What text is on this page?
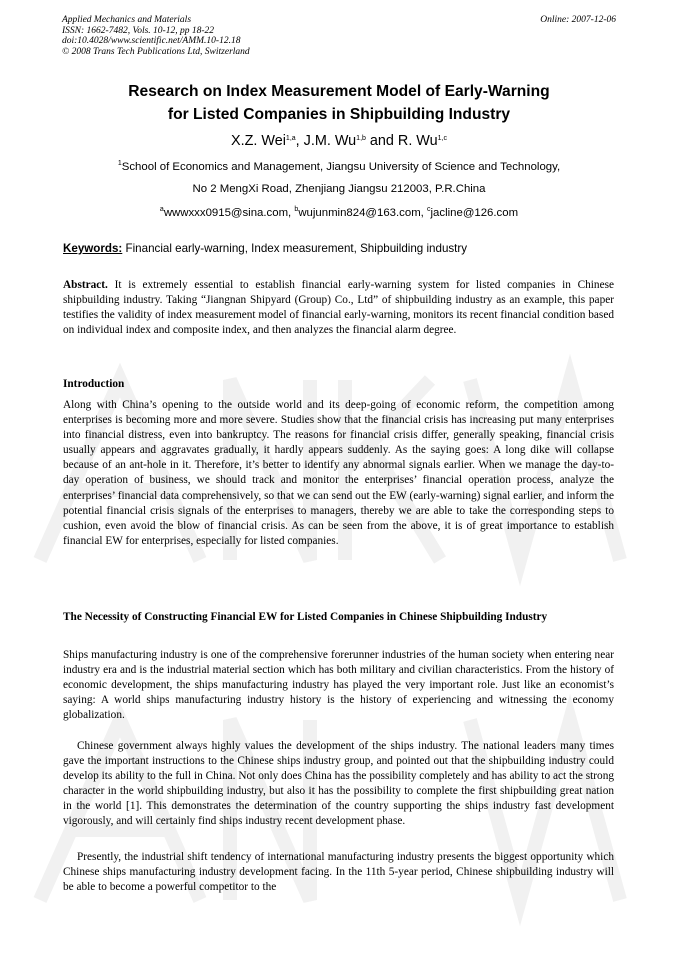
Applied Mechanics and Materials
ISSN: 1662-7482, Vols. 10-12, pp 18-22
doi:10.4028/www.scientific.net/AMM.10-12.18
© 2008 Trans Tech Publications Ltd, Switzerland
Online: 2007-12-06
Research on Index Measurement Model of Early-Warning
for Listed Companies in Shipbuilding Industry
X.Z. Wei$^{1,a}$, J.M. Wu$^{1,b}$ and R. Wu$^{1,c}$
$^1$School of Economics and Management, Jiangsu University of Science and Technology,
No 2 MengXi Road, Zhenjiang Jiangsu 212003, P.R.China
$^a$wwwxxx0915@sina.com, $^b$wujunmin824@163.com, $^c$jacline@126.com
Keywords: Financial early-warning, Index measurement, Shipbuilding industry
Abstract. It is extremely essential to establish financial early-warning system for listed companies in Chinese shipbuilding industry. Taking “Jiangnan Shipyard (Group) Co., Ltd” of shipbuilding industry as an example, this paper testifies the validity of index measurement model of financial early-warning, monitors its recent financial condition based on individual index and composite index, and then analyzes the financial alarm degree.
Introduction
Along with China’s opening to the outside world and its deep-going of economic reform, the competition among enterprises is becoming more and more severe. Studies show that the financial crisis has increasing put many enterprises into financial distress, even into bankruptcy. The reasons for financial crisis differ, generally speaking, financial crisis usually appears and aggravates gradually, it hardly appears suddenly. As the saying goes: A long dike will collapse because of an ant-hole in it. Therefore, it’s better to identify any abnormal signals earlier. When we manage the day-to-day operation of business, we should track and monitor the enterprises’ financial operation process, analyze the enterprises’ financial data comprehensively, so that we can send out the EW (early-warning) signal earlier, and inform the potential financial crisis signals of the enterprises to managers, thereby we are able to take the corresponding steps to cushion, even avoid the blow of financial crisis. As can be seen from the above, it is of great importance to establish financial EW for enterprises, especially for listed companies.
The Necessity of Constructing Financial EW for Listed Companies in Chinese Shipbuilding Industry
Ships manufacturing industry is one of the comprehensive forerunner industries of the human society when entering near industry era and is the industrial material section which has both military and civilian characteristics. From the history of economic development, the ships manufacturing industry has played the very important role. Just like an economist’s saying: A world ships manufacturing industry history is the history of experiencing and witnessing the economy globalization.
Chinese government always highly values the development of the ships industry. The national leaders many times gave the important instructions to the Chinese ships industry group, and pointed out that the shipbuilding industry could develop its ability to the full in China. Not only does China has the possibility completely and has ability to act the strong character in the world shipbuilding industry, but also it has the possibility to complete the first shipbuilding great nation in the world [1]. This demonstrates the determination of the country supporting the ships industry fast development vigorously, and will certainly find ships industry recent development phase.
Presently, the industrial shift tendency of international manufacturing industry presents the biggest opportunity which Chinese ships manufacturing industry development facing. In the 11th 5-year period, Chinese shipbuilding industry will be able to become a powerful competitor to the
